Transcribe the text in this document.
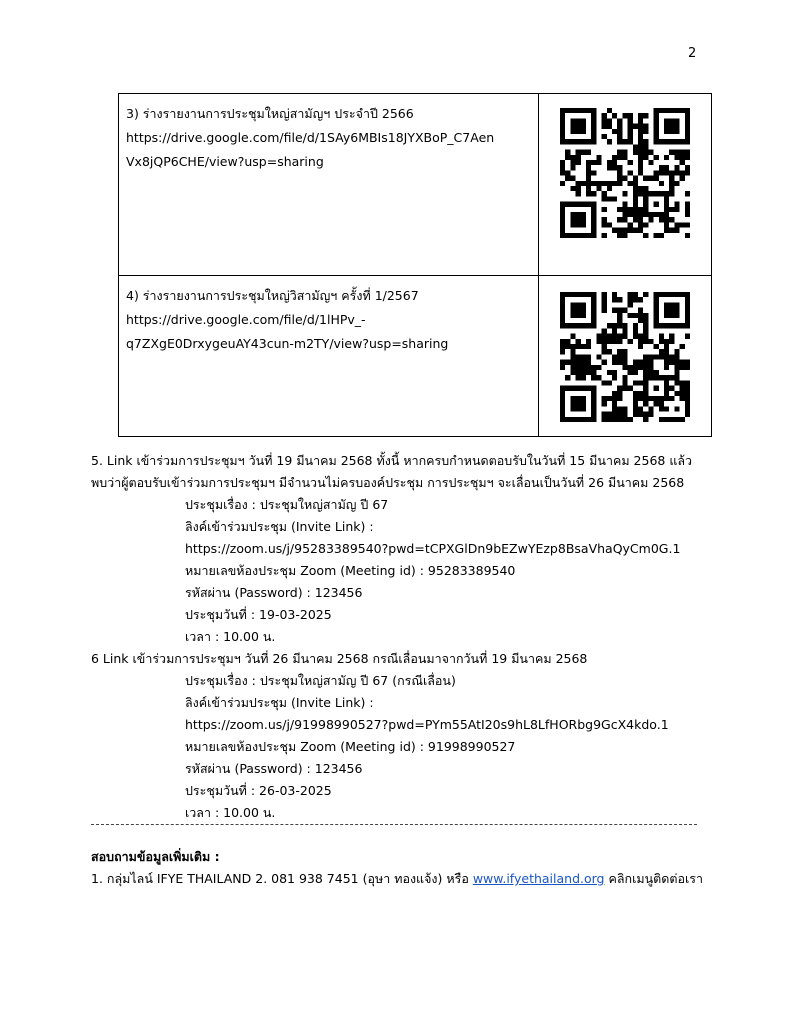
2
3) ร่างรายงานการประชุมใหญ่สามัญฯ ประจำปี 2566
https://drive.google.com/file/d/1SAy6MBIs18JYXBoP_C7Aen
Vx8jQP6CHE/view?usp=sharing

4) ร่างรายงานการประชุมใหญ่วิสามัญฯ ครั้งที่ 1/2567
https://drive.google.com/file/d/1lHPv_-
q7ZXgE0DrxygeuAY43cun-m2TY/view?usp=sharing

5. Link เข้าร่วมการประชุมฯ วันที่ 19 มีนาคม 2568 ทั้งนี้ หากครบกำหนดตอบรับในวันที่ 15 มีนาคม 2568 แล้ว
พบว่าผู้ตอบรับเข้าร่วมการประชุมฯ มีจำนวนไม่ครบองค์ประชุม การประชุมฯ จะเลื่อนเป็นวันที่ 26 มีนาคม 2568
ประชุมเรื่อง : ประชุมใหญ่สามัญ ปี 67
ลิงค์เข้าร่วมประชุม (Invite Link) :
https://zoom.us/j/95283389540?pwd=tCPXGlDn9bEZwYEzp8BsaVhaQyCm0G.1
หมายเลขห้องประชุม Zoom (Meeting id) : 95283389540
รหัสผ่าน (Password) : 123456
ประชุมวันที่ : 19-03-2025
เวลา : 10.00 น.
6 Link เข้าร่วมการประชุมฯ วันที่ 26 มีนาคม 2568 กรณีเลื่อนมาจากวันที่ 19 มีนาคม 2568
ประชุมเรื่อง : ประชุมใหญ่สามัญ ปี 67 (กรณีเลื่อน)
ลิงค์เข้าร่วมประชุม (Invite Link) :
https://zoom.us/j/91998990527?pwd=PYm55AtI20s9hL8LfHORbg9GcX4kdo.1
หมายเลขห้องประชุม Zoom (Meeting id) : 91998990527
รหัสผ่าน (Password) : 123456
ประชุมวันที่ : 26-03-2025
เวลา : 10.00 น.
สอบถามข้อมูลเพิ่มเติม :
1. กลุ่มไลน์ IFYE THAILAND 2. 081 938 7451 (อุษา ทองแจ้ง) หรือ www.ifyethailand.org คลิกเมนูติดต่อเรา
